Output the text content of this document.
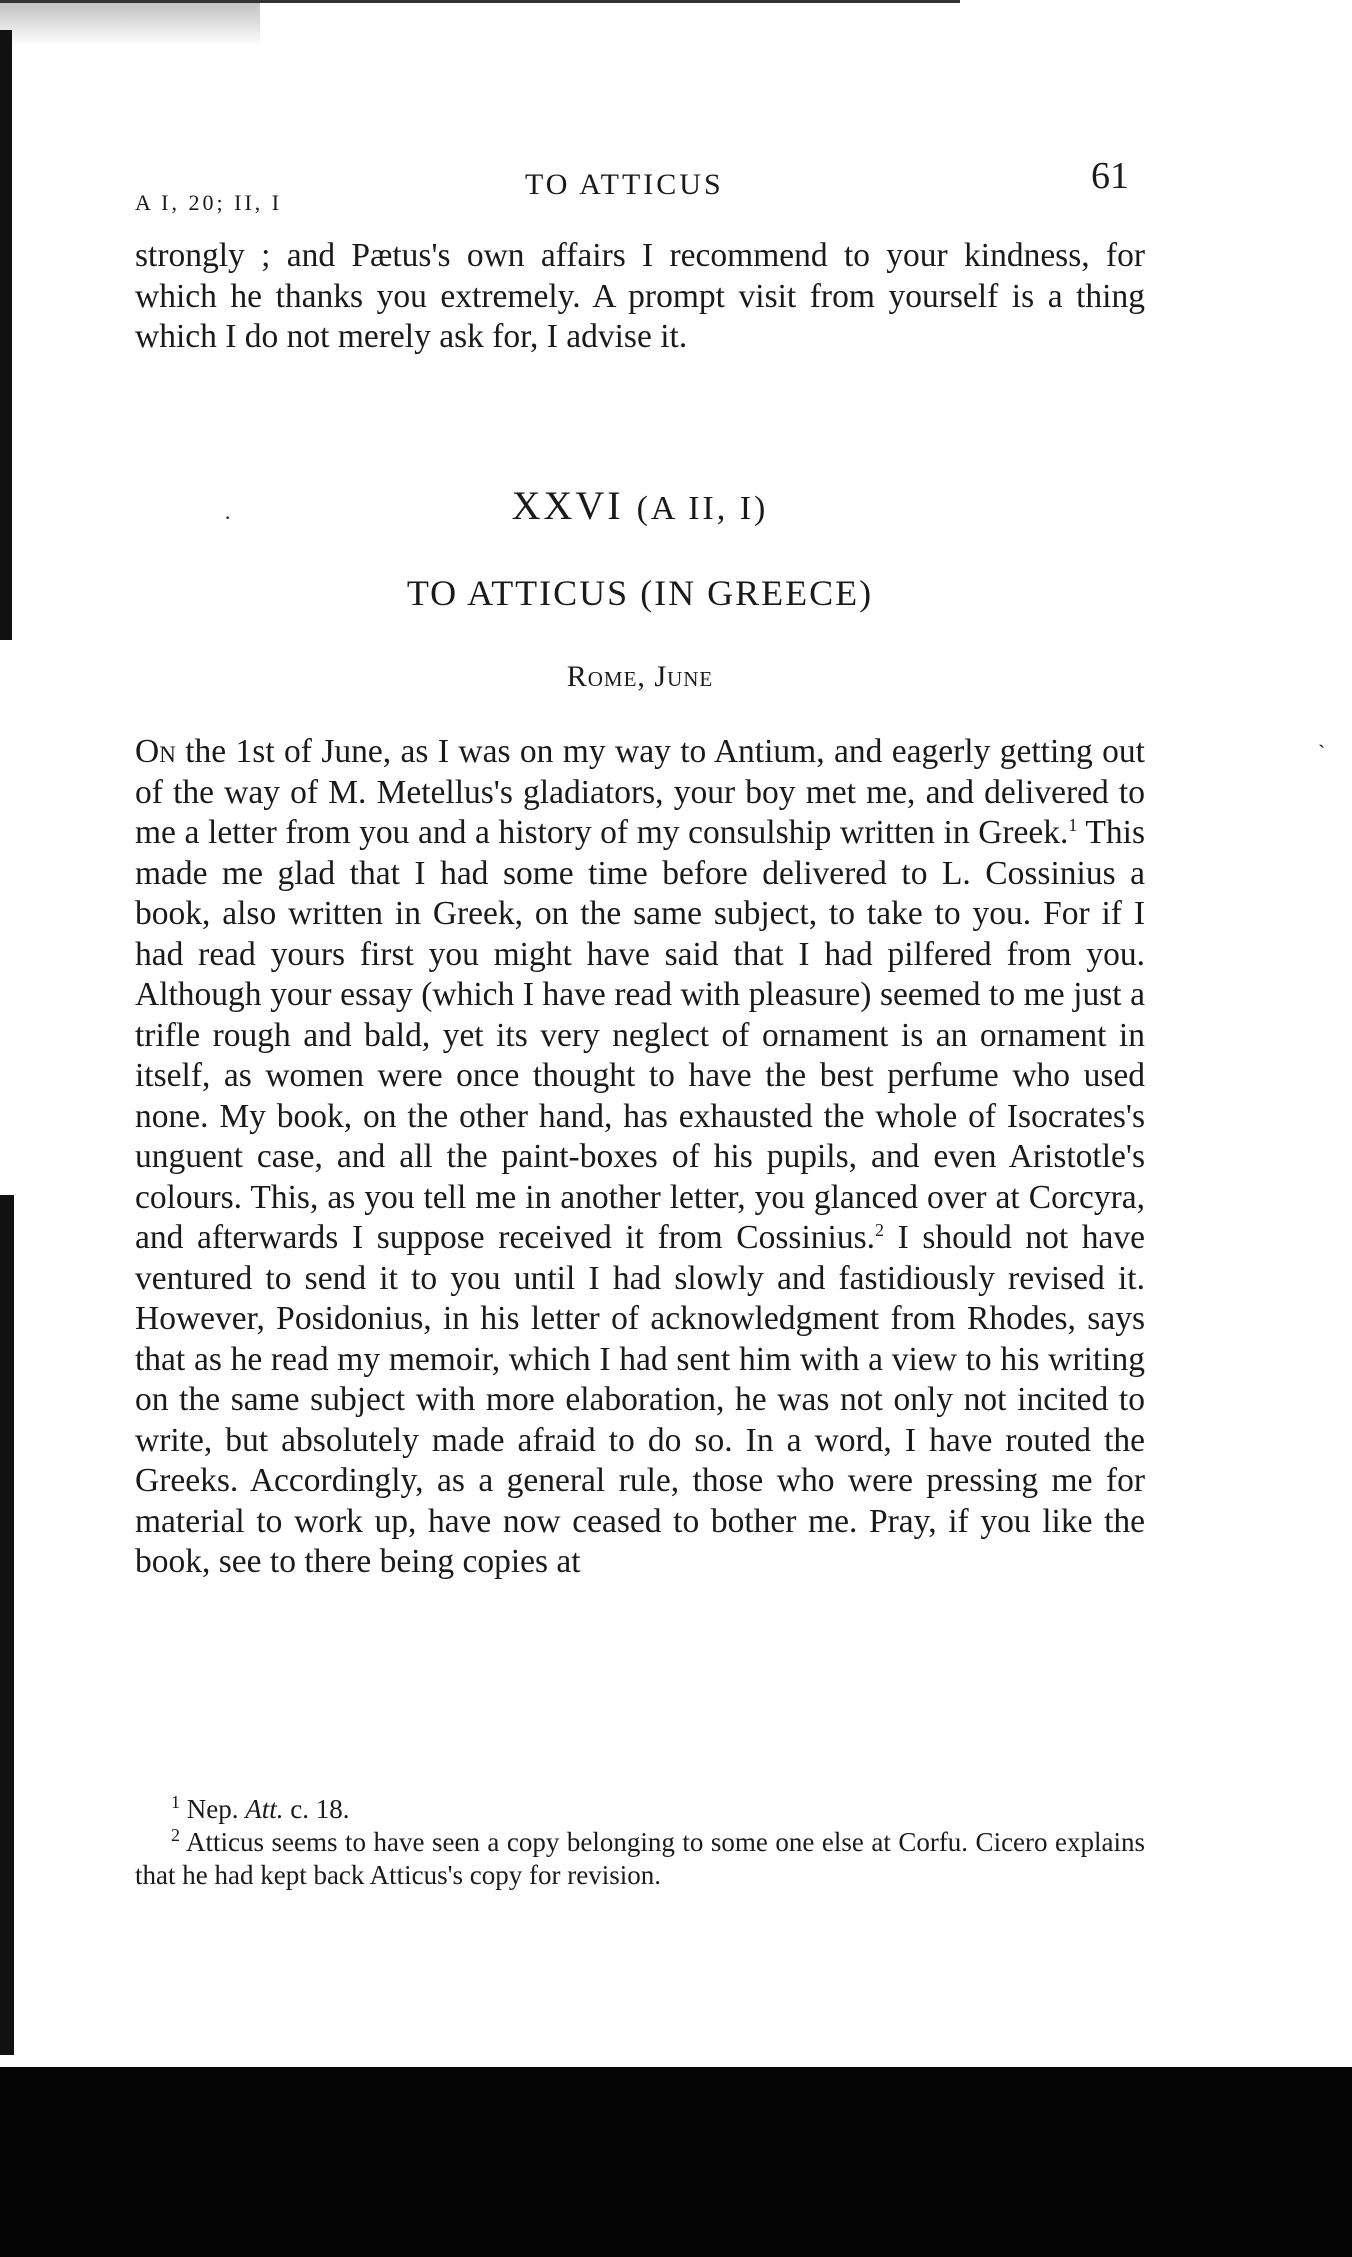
·
`
A I, 20; II, I
TO ATTICUS	61

strongly ; and Pætus's own affairs I recommend to your kindness, for which he thanks you extremely. A prompt visit from yourself is a thing which I do not merely ask for, I advise it.

XXVI (A II, I)
TO ATTICUS (IN GREECE)
Rome, June

On the 1st of June, as I was on my way to Antium, and eagerly getting out of the way of M. Metellus's gladiators, your boy met me, and delivered to me a letter from you and a history of my consulship written in Greek.$^1$ This made me glad that I had some time before delivered to L. Cossinius a book, also written in Greek, on the same subject, to take to you. For if I had read yours first you might have said that I had pilfered from you. Although your essay (which I have read with pleasure) seemed to me just a trifle rough and bald, yet its very neglect of ornament is an ornament in itself, as women were once thought to have the best perfume who used none. My book, on the other hand, has exhausted the whole of Isocrates's unguent case, and all the paint-boxes of his pupils, and even Aristotle's colours. This, as you tell me in another letter, you glanced over at Corcyra, and afterwards I suppose received it from Cossinius.$^2$ I should not have ventured to send it to you until I had slowly and fastidiously revised it. However, Posidonius, in his letter of acknowledgment from Rhodes, says that as he read my memoir, which I had sent him with a view to his writing on the same subject with more elaboration, he was not only not incited to write, but absolutely made afraid to do so. In a word, I have routed the Greeks. Accordingly, as a general rule, those who were pressing me for material to work up, have now ceased to bother me. Pray, if you like the book, see to there being copies at

$^1$ Nep. Att. c. 18.

$^2$ Atticus seems to have seen a copy belonging to some one else at Corfu. Cicero explains that he had kept back Atticus's copy for revision.
